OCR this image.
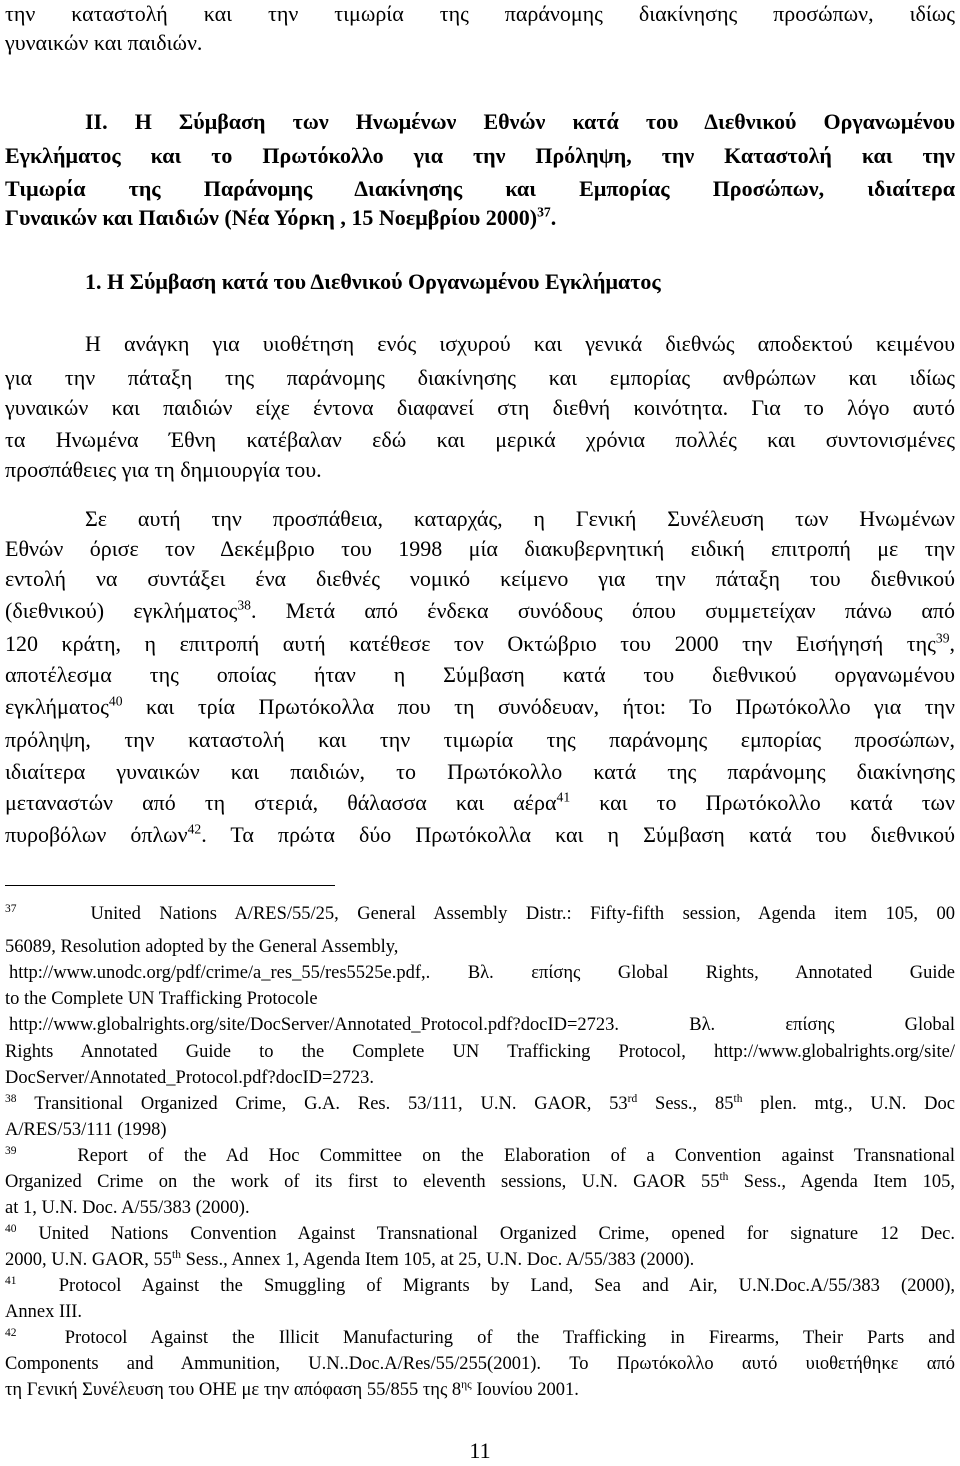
την καταστολή και την τιμωρία της παράνομης διακίνησης προσώπων, ιδίως
γυναικών και παιδιών.
ΙΙ. Η Σύμβαση των Ηνωμένων Εθνών κατά του Διεθνικού Οργανωμένου
Εγκλήματος και το Πρωτόκολλο για την Πρόληψη, την Καταστολή και την
Τιμωρία της Παράνομης Διακίνησης και Εμπορίας Προσώπων, ιδιαίτερα
Γυναικών και Παιδιών (Νέα Υόρκη , 15 Νοεμβρίου 2000)$^{37}$.
1. Η Σύμβαση κατά του Διεθνικού Οργανωμένου Εγκλήματος
Η ανάγκη για υιοθέτηση ενός ισχυρού και γενικά διεθνώς αποδεκτού κειμένου
για την πάταξη της παράνομης διακίνησης και εμπορίας ανθρώπων και ιδίως
γυναικών και παιδιών είχε έντονα διαφανεί στη διεθνή κοινότητα. Για το λόγο αυτό
τα Ηνωμένα Έθνη κατέβαλαν εδώ και μερικά χρόνια πολλές και συντονισμένες
προσπάθειες για τη δημιουργία του.
Σε αυτή την προσπάθεια, καταρχάς, η Γενική Συνέλευση των Ηνωμένων
Εθνών όρισε τον Δεκέμβριο του 1998 μία διακυβερνητική ειδική επιτροπή με την
εντολή να συντάξει ένα διεθνές νομικό κείμενο για την πάταξη του διεθνικού
(διεθνικού) εγκλήματος$^{38}$. Μετά από ένδεκα συνόδους όπου συμμετείχαν πάνω από
120 κράτη, η επιτροπή αυτή κατέθεσε τον Οκτώβριο του 2000 την Εισήγησή της$^{39}$,
αποτέλεσμα της οποίας ήταν η Σύμβαση κατά του διεθνικού οργανωμένου
εγκλήματος$^{40}$ και τρία Πρωτόκολλα που τη συνόδευαν, ήτοι: Το Πρωτόκολλο για την
πρόληψη, την καταστολή και την τιμωρία της παράνομης εμπορίας προσώπων,
ιδιαίτερα γυναικών και παιδιών, το Πρωτόκολλο κατά της παράνομης διακίνησης
μεταναστών από τη στεριά, θάλασσα και αέρα$^{41}$ και το Πρωτόκολλο κατά των
πυροβόλων όπλων$^{42}$. Τα πρώτα δύο Πρωτόκολλα και η Σύμβαση κατά του διεθνικού
$^{37}$	United Nations A/RES/55/25, General Assembly Distr.: Fifty-fifth session, Agenda item 105, 00
56089, Resolution adopted by the General Assembly,
http://www.unodc.org/pdf/crime/a_res_55/res5525e.pdf,. Βλ. επίσης Global Rights, Annotated Guide
to the Complete UN Trafficking Protocole
http://www.globalrights.org/site/DocServer/Annotated_Protocol.pdf?docID=2723. Βλ. επίσης Global
Rights Annotated Guide to the Complete UN Trafficking Protocol, http://www.globalrights.org/site/
DocServer/Annotated_Protocol.pdf?docID=2723.
$^{38}$ Transitional Organized Crime, G.A. Res. 53/111, U.N. GAOR, 53rd Sess., 85th plen. mtg., U.N. Doc
A/RES/53/111 (1998)
$^{39}$	Report of the Ad Hoc Committee on the Elaboration of a Convention against Transnational
Organized Crime on the work of its first to eleventh sessions, U.N. GAOR 55th Sess., Agenda Item 105,
at 1, U.N. Doc. A/55/383 (2000).
$^{40}$ United Nations Convention Against Transnational Organized Crime, opened for signature 12 Dec.
2000, U.N. GAOR, 55th Sess., Annex 1, Agenda Item 105, at 25, U.N. Doc. A/55/383 (2000).
$^{41}$ Protocol Against the Smuggling of Migrants by Land, Sea and Air, U.N.Doc.A/55/383 (2000),
Annex III.
$^{42}$	Protocol Against the Illicit Manufacturing of the Trafficking in Firearms, Their Parts and
Components and Ammunition, U.N..Doc.A/Res/55/255(2001). Το Πρωτόκολλο αυτό υιοθετήθηκε από
τη Γενική Συνέλευση του ΟΗΕ με την απόφαση 55/855 της $8^{\eta\varsigma}$ Ιουνίου 2001.
11
